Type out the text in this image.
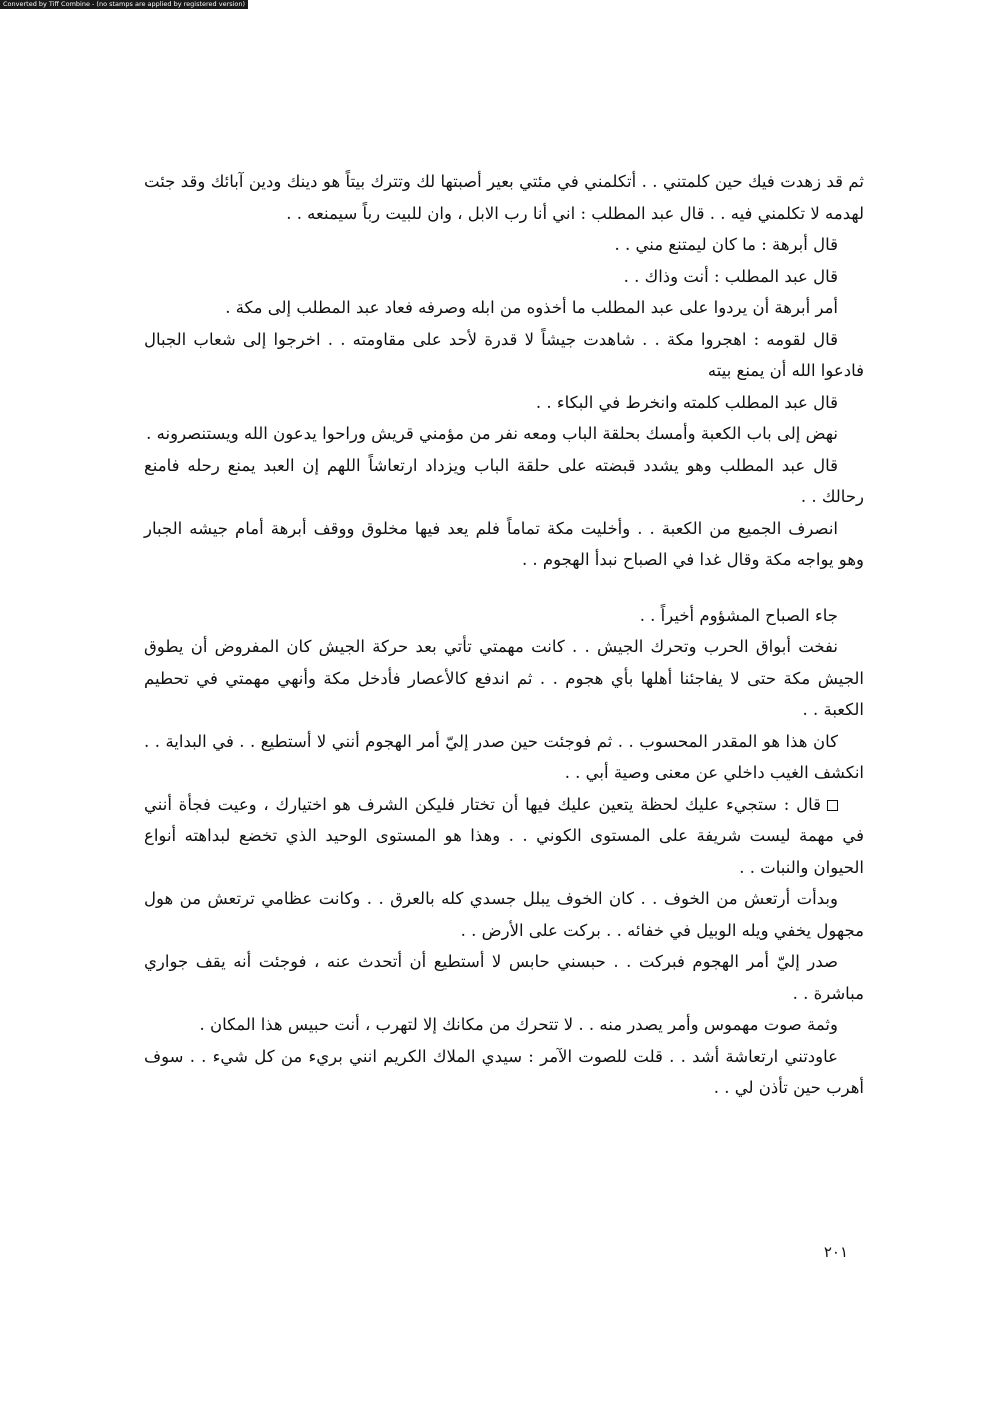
Converted by Tiff Combine - (no stamps are applied by registered version)

ثم قد زهدت فيك حين كلمتني . . أتكلمني في مئتي بعير أصبتها لك وتترك بيتاً هو دينك ودين آبائك وقد جئت لهدمه لا تكلمني فيه . . قال عبد المطلب : اني أنا رب الابل ، وان للبيت رباً سيمنعه . .

قال أبرهة : ما كان ليمتنع مني . .

قال عبد المطلب : أنت وذاك . .

أمر أبرهة أن يردوا على عبد المطلب ما أخذوه من ابله وصرفه فعاد عبد المطلب إلى مكة .

قال لقومه : اهجروا مكة . . شاهدت جيشاً لا قدرة لأحد على مقاومته . . اخرجوا إلى شعاب الجبال فادعوا الله أن يمنع بيته

قال عبد المطلب كلمته وانخرط في البكاء . .

نهض إلى باب الكعبة وأمسك بحلقة الباب ومعه نفر من مؤمني قريش وراحوا يدعون الله ويستنصرونه .

قال عبد المطلب وهو يشدد قبضته على حلقة الباب ويزداد ارتعاشاً اللهم إن العبد يمنع رحله فامنع رحالك . .

انصرف الجميع من الكعبة . . وأخليت مكة تماماً فلم يعد فيها مخلوق ووقف أبرهة أمام جيشه الجبار وهو يواجه مكة وقال غدا في الصباح نبدأ الهجوم . .

جاء الصباح المشؤوم أخيراً . .

نفخت أبواق الحرب وتحرك الجيش . . كانت مهمتي تأتي بعد حركة الجيش كان المفروض أن يطوق الجيش مكة حتى لا يفاجئنا أهلها بأي هجوم . . ثم اندفع كالأعصار فأدخل مكة وأنهي مهمتي في تحطيم الكعبة . .

كان هذا هو المقدر المحسوب . . ثم فوجئت حين صدر إليّ أمر الهجوم أنني لا أستطيع . . في البداية . . انكشف الغيب داخلي عن معنى وصية أبي . .

قال : ستجيء عليك لحظة يتعين عليك فيها أن تختار فليكن الشرف هو اختيارك ، وعيت فجأة أنني في مهمة ليست شريفة على المستوى الكوني . . وهذا هو المستوى الوحيد الذي تخضع لبداهته أنواع الحيوان والنبات . .

وبدأت أرتعش من الخوف . . كان الخوف يبلل جسدي كله بالعرق . . وكانت عظامي ترتعش من هول مجهول يخفي ويله الوبيل في خفائه . . بركت على الأرض . .

صدر إليّ أمر الهجوم فبركت . . حبسني حابس لا أستطيع أن أتحدث عنه ، فوجئت أنه يقف جواري مباشرة . .

وثمة صوت مهموس وأمر يصدر منه . . لا تتحرك من مكانك إلا لتهرب ، أنت حبيس هذا المكان .

عاودتني ارتعاشة أشد . . قلت للصوت الآمر : سيدي الملاك الكريم انني بريء من كل شيء . . سوف أهرب حين تأذن لي . .

٢٠١
